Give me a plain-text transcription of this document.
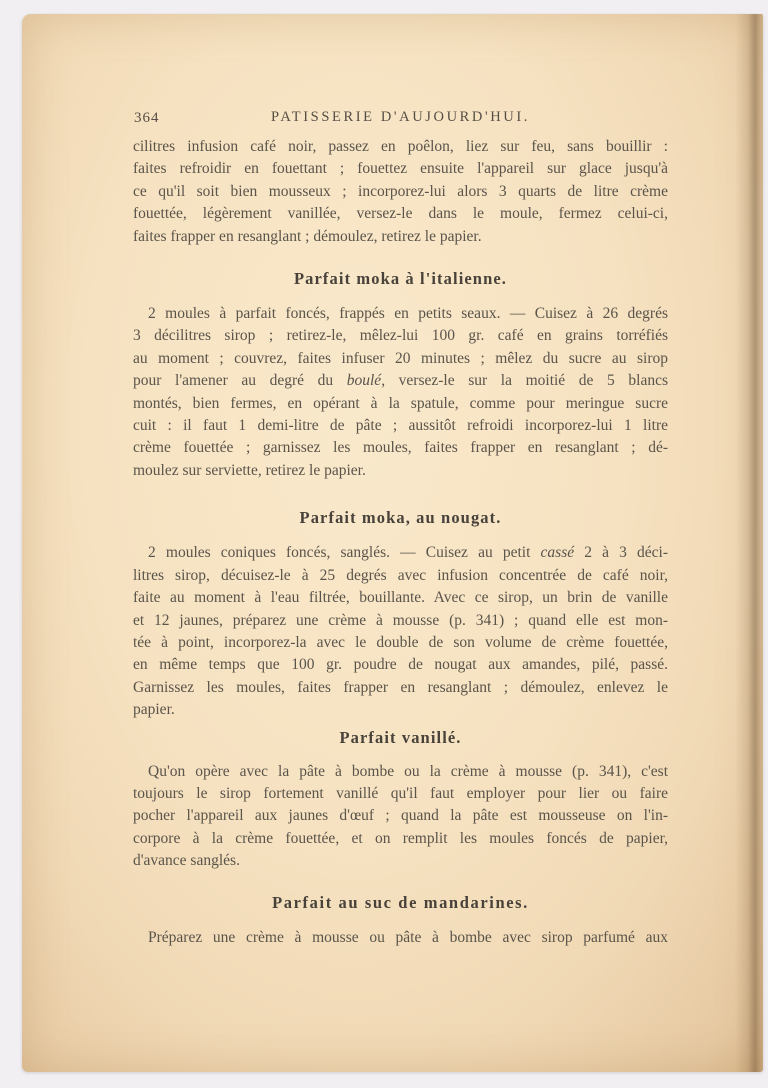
364	PATISSERIE D'AUJOURD'HUI.
cilitres infusion café noir, passez en poêlon, liez sur feu, sans bouillir :
faites refroidir en fouettant ; fouettez ensuite l'appareil sur glace jusqu'à
ce qu'il soit bien mousseux ; incorporez-lui alors 3 quarts de litre crème
fouettée, légèrement vanillée, versez-le dans le moule, fermez celui-ci,
faites frapper en resanglant ; démoulez, retirez le papier.
Parfait moka à l'italienne.
2 moules à parfait foncés, frappés en petits seaux. — Cuisez à 26 degrés
3 décilitres sirop ; retirez-le, mêlez-lui 100 gr. café en grains torréfiés
au moment ; couvrez, faites infuser 20 minutes ; mêlez du sucre au sirop
pour l'amener au degré du boulé, versez-le sur la moitié de 5 blancs
montés, bien fermes, en opérant à la spatule, comme pour meringue sucre
cuit : il faut 1 demi-litre de pâte ; aussitôt refroidi incorporez-lui 1 litre
crème fouettée ; garnissez les moules, faites frapper en resanglant ; dé-
moulez sur serviette, retirez le papier.
Parfait moka, au nougat.
2 moules coniques foncés, sanglés. — Cuisez au petit cassé 2 à 3 déci-
litres sirop, décuisez-le à 25 degrés avec infusion concentrée de café noir,
faite au moment à l'eau filtrée, bouillante. Avec ce sirop, un brin de vanille
et 12 jaunes, préparez une crème à mousse (p. 341) ; quand elle est mon-
tée à point, incorporez-la avec le double de son volume de crème fouettée,
en même temps que 100 gr. poudre de nougat aux amandes, pilé, passé.
Garnissez les moules, faites frapper en resanglant ; démoulez, enlevez le
papier.
Parfait vanillé.
Qu'on opère avec la pâte à bombe ou la crème à mousse (p. 341), c'est
toujours le sirop fortement vanillé qu'il faut employer pour lier ou faire
pocher l'appareil aux jaunes d'œuf ; quand la pâte est mousseuse on l'in-
corpore à la crème fouettée, et on remplit les moules foncés de papier,
d'avance sanglés.
Parfait au suc de mandarines.
Préparez une crème à mousse ou pâte à bombe avec sirop parfumé aux
